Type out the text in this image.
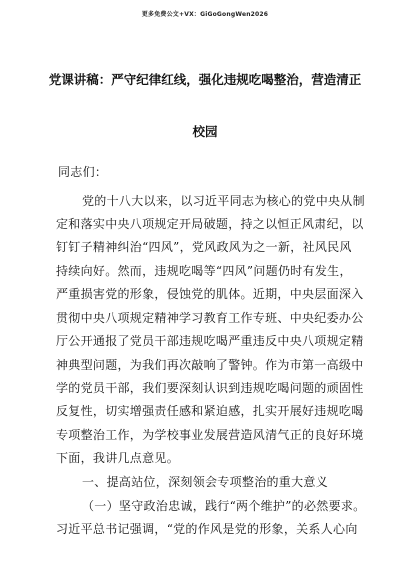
更多免费公文+VX：GiGoGongWen2026
党课讲稿：严守纪律红线，强化违规吃喝整治，营造清正
校园
同志们：
党的十八大以来，以习近平同志为核心的党中央从制
定和落实中央八项规定开局破题，持之以恒正风肃纪，以
钉钉子精神纠治“四风”，党风政风为之一新，社风民风
持续向好。然而，违规吃喝等“四风”问题仍时有发生，
严重损害党的形象，侵蚀党的肌体。近期，中央层面深入
贯彻中央八项规定精神学习教育工作专班、中央纪委办公
厅公开通报了党员干部违规吃喝严重违反中央八项规定精
神典型问题，为我们再次敲响了警钟。作为市第一高级中
学的党员干部，我们要深刻认识到违规吃喝问题的顽固性
反复性，切实增强责任感和紧迫感，扎实开展好违规吃喝
专项整治工作，为学校事业发展营造风清气正的良好环境
下面，我讲几点意见。
一、提高站位，深刻领会专项整治的重大意义
（一）坚守政治忠诚，践行“两个维护”的必然要求。
习近平总书记强调，“党的作风是党的形象，关系人心向
